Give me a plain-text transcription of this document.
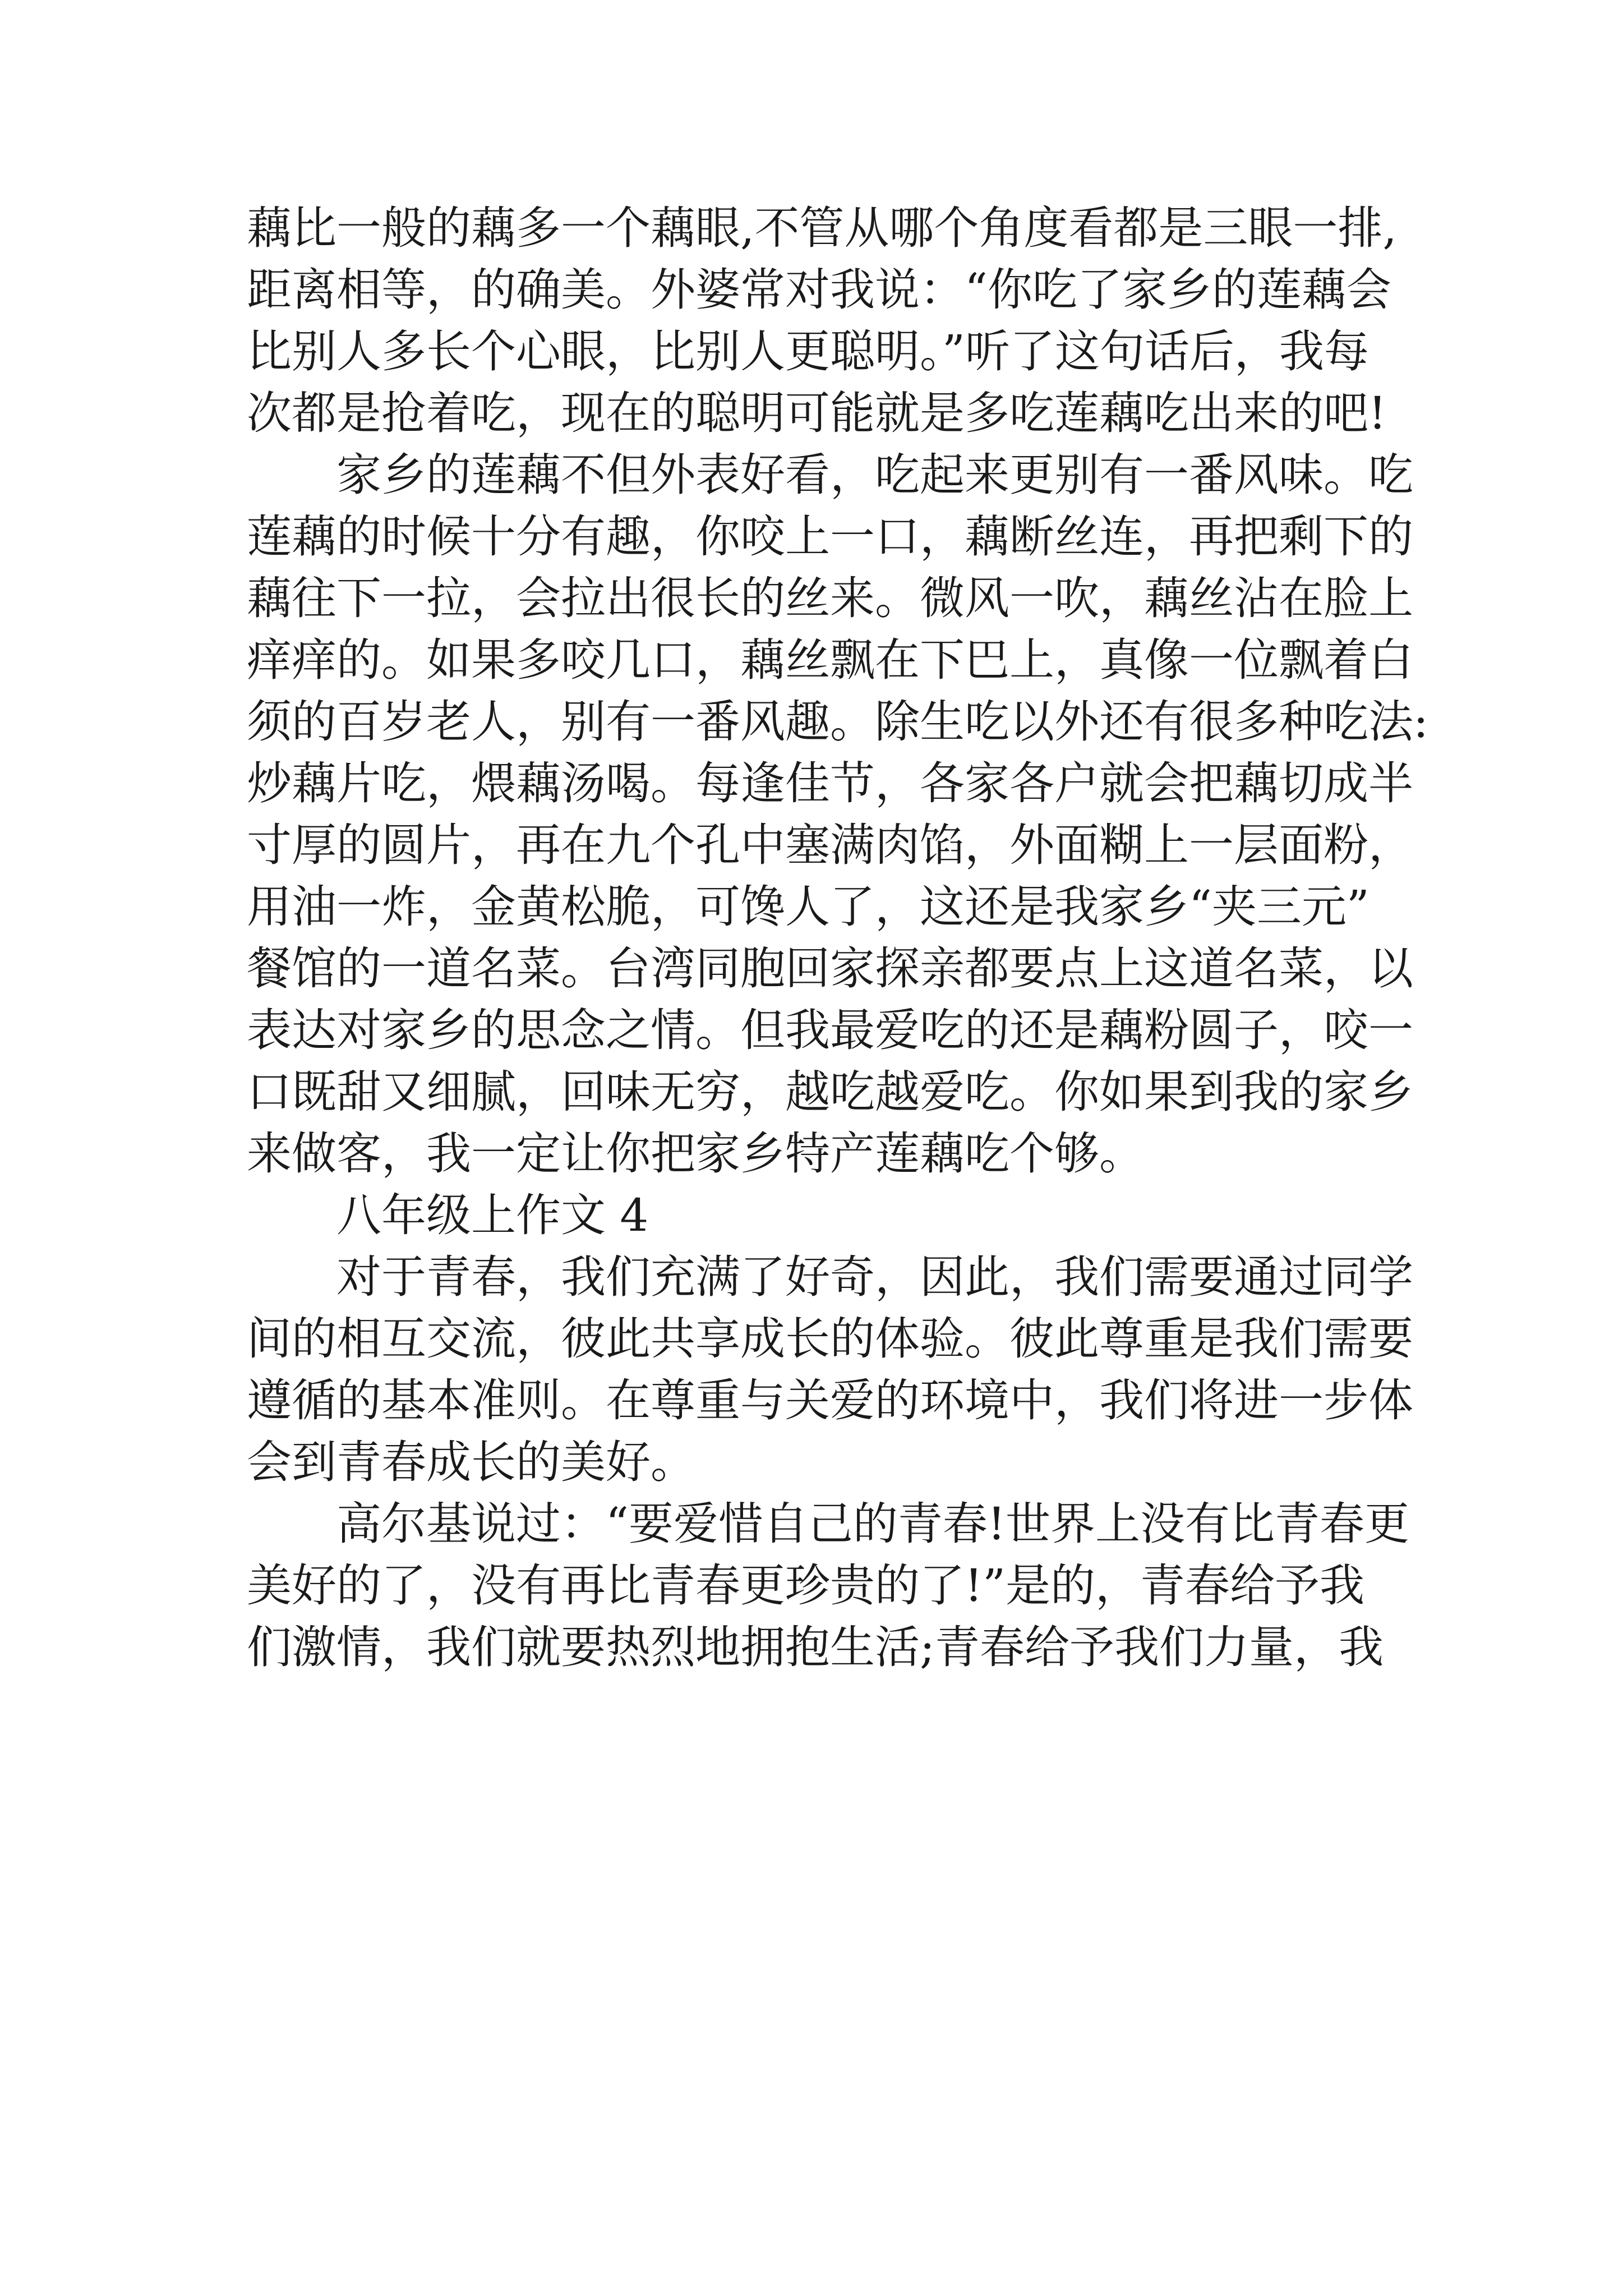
藕比一般的藕多一个藕眼,不管从哪个角度看都是三眼一排,
距离相等，的确美。外婆常对我说：“你吃了家乡的莲藕会
比别人多长个心眼，比别人更聪明。”听了这句话后，我每
次都是抢着吃，现在的聪明可能就是多吃莲藕吃出来的吧!
　　家乡的莲藕不但外表好看，吃起来更别有一番风味。吃
莲藕的时候十分有趣，你咬上一口，藕断丝连，再把剩下的
藕往下一拉，会拉出很长的丝来。微风一吹，藕丝沾在脸上
痒痒的。如果多咬几口，藕丝飘在下巴上，真像一位飘着白
须的百岁老人，别有一番风趣。除生吃以外还有很多种吃法:
炒藕片吃，煨藕汤喝。每逢佳节，各家各户就会把藕切成半
寸厚的圆片，再在九个孔中塞满肉馅，外面糊上一层面粉，
用油一炸，金黄松脆，可馋人了，这还是我家乡“夹三元”
餐馆的一道名菜。台湾同胞回家探亲都要点上这道名菜，以
表达对家乡的思念之情。但我最爱吃的还是藕粉圆子，咬一
口既甜又细腻，回味无穷，越吃越爱吃。你如果到我的家乡
来做客，我一定让你把家乡特产莲藕吃个够。
　　八年级上作文 4
　　对于青春，我们充满了好奇，因此，我们需要通过同学
间的相互交流，彼此共享成长的体验。彼此尊重是我们需要
遵循的基本准则。在尊重与关爱的环境中，我们将进一步体
会到青春成长的美好。
　　高尔基说过：“要爱惜自己的青春!世界上没有比青春更
美好的了，没有再比青春更珍贵的了!”是的，青春给予我
们激情，我们就要热烈地拥抱生活;青春给予我们力量，我
